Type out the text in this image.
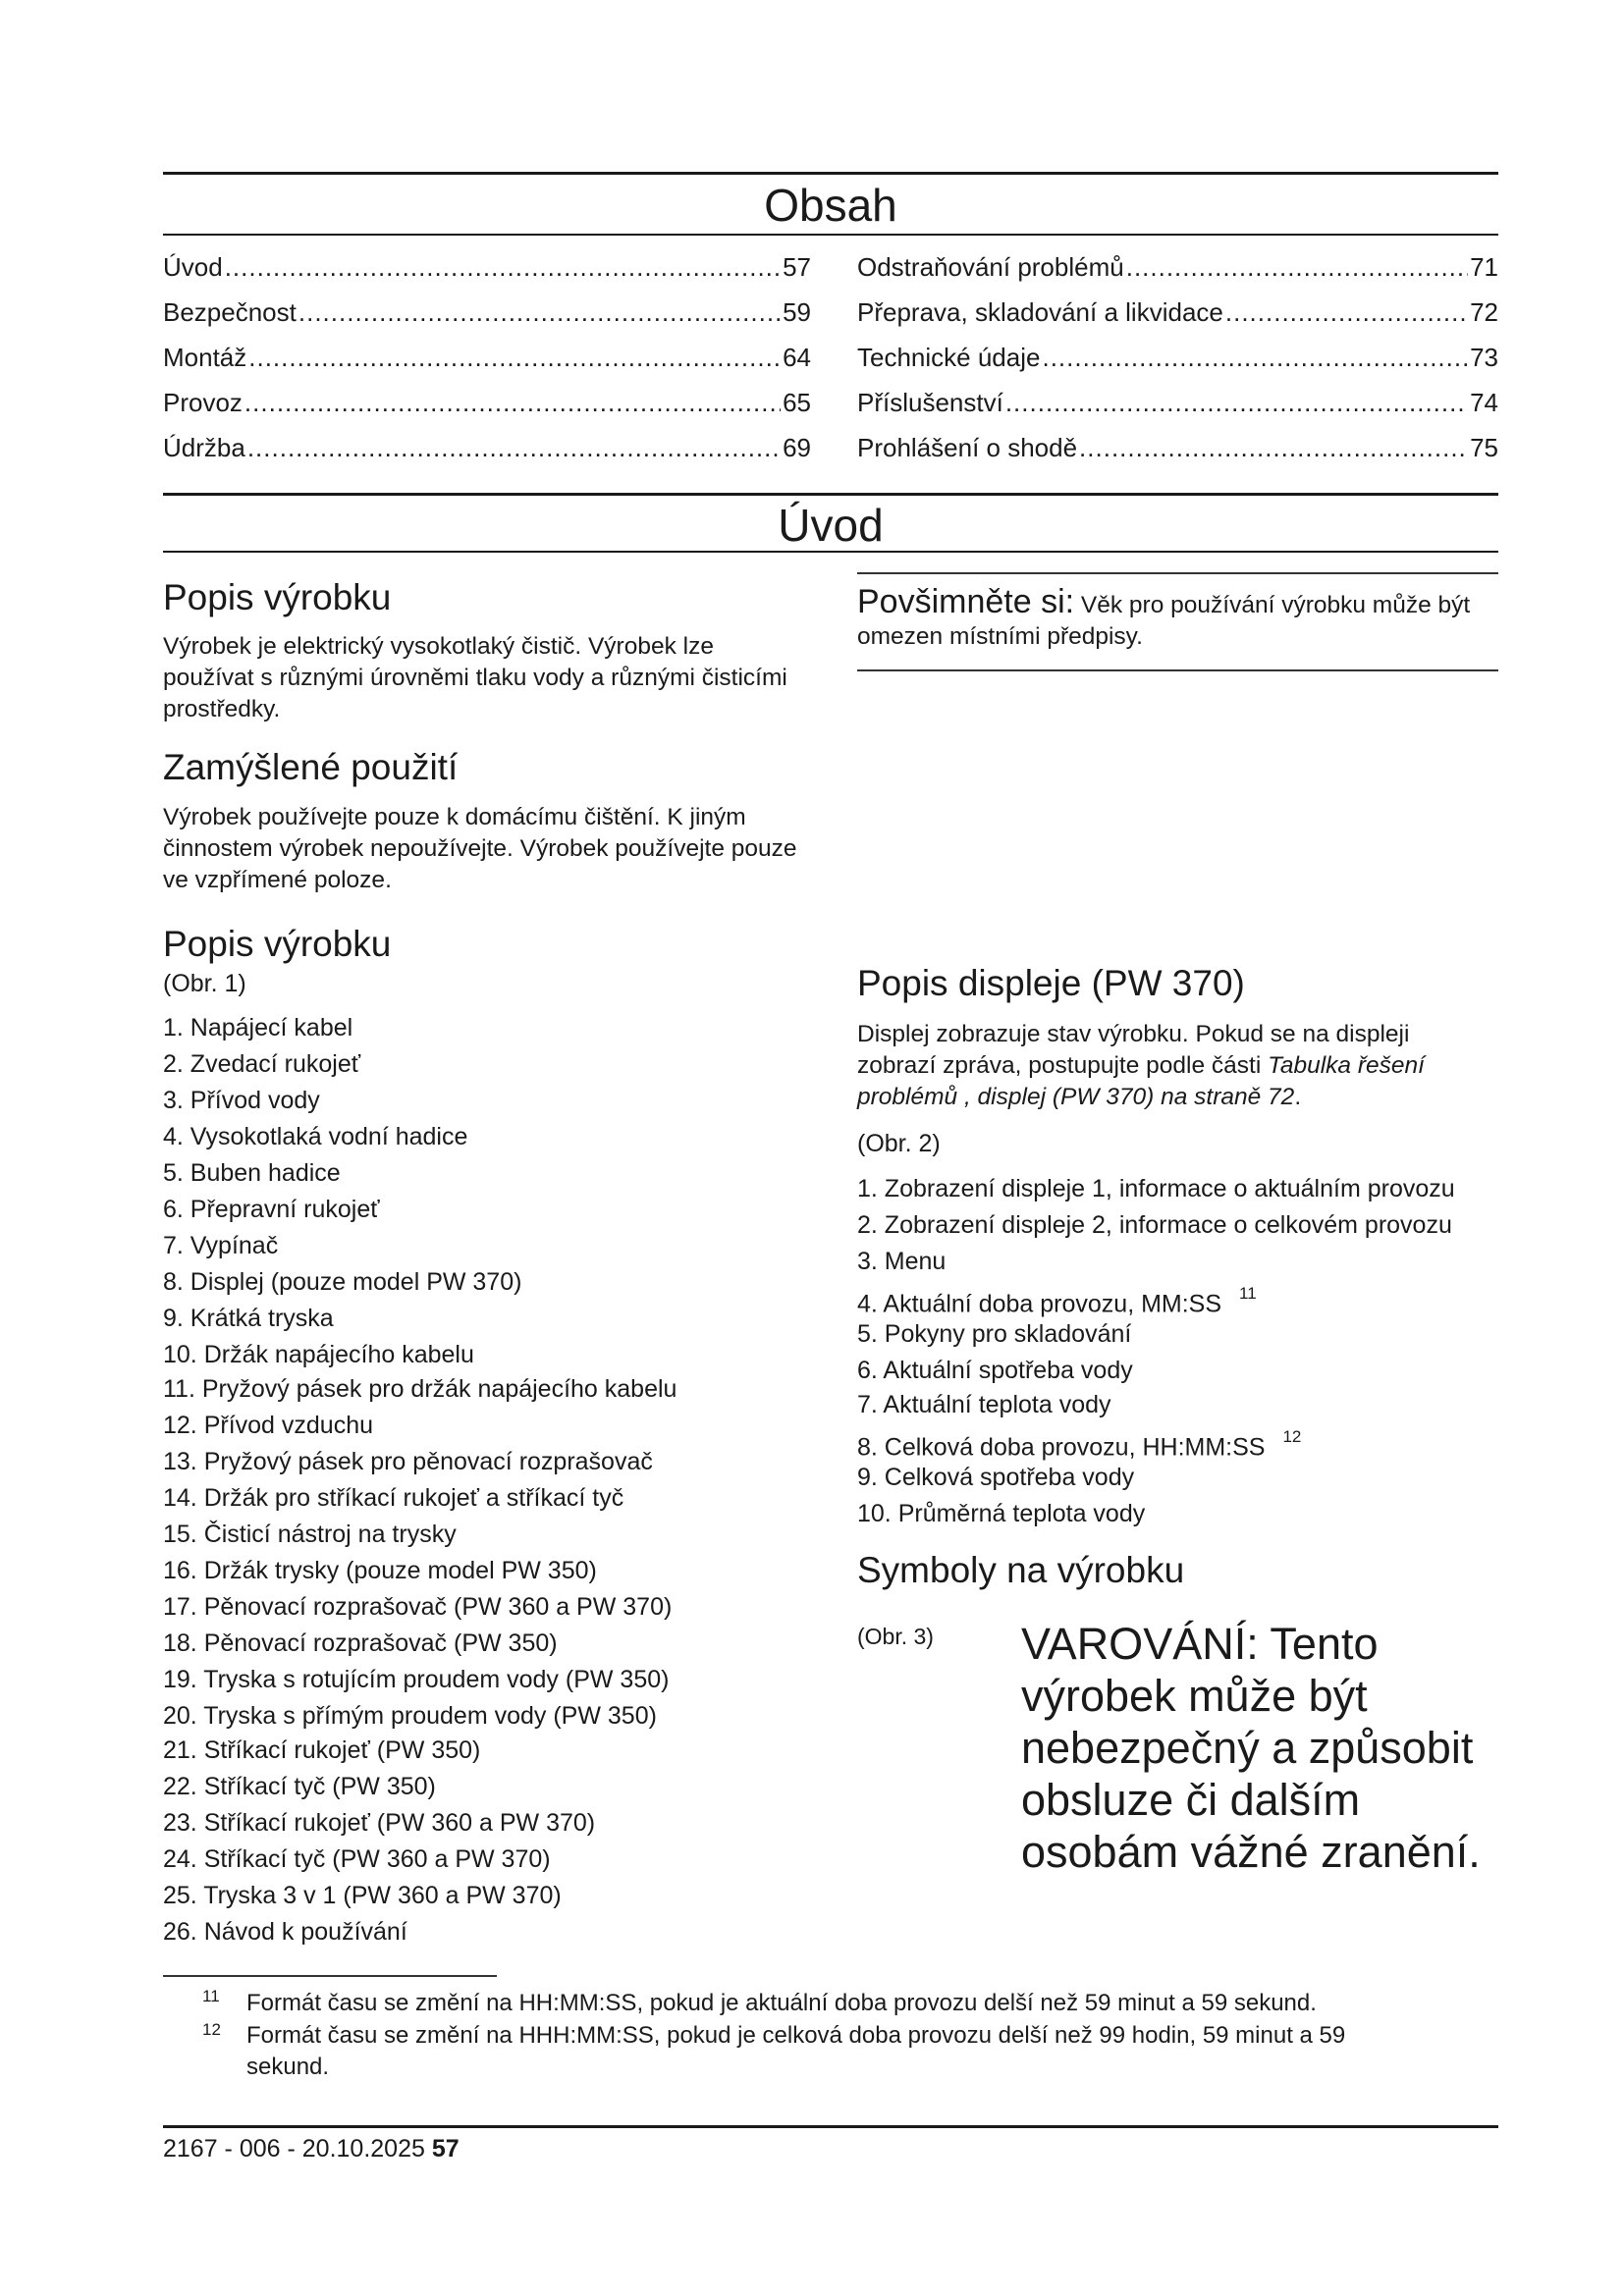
Obsah
Úvod .....	57
Bezpečnost .....	59
Montáž .....	64
Provoz .....	65
Údržba .....	69
Odstraňování problémů .....	71
Přeprava, skladování a likvidace .....	72
Technické údaje .....	73
Příslušenství .....	74
Prohlášení o shodě .....	75
Úvod
Popis výrobku

Výrobek je elektrický vysokotlaký čistič. Výrobek lze používat s různými úrovněmi tlaku vody a různými čisticími prostředky.

Zamýšlené použití

Výrobek používejte pouze k domácímu čištění. K jiným činnostem výrobek nepoužívejte. Výrobek používejte pouze ve vzpřímené poloze.

Popis výrobku
(Obr. 1)
1. Napájecí kabel
2. Zvedací rukojeť
3. Přívod vody
4. Vysokotlaká vodní hadice
5. Buben hadice
6. Přepravní rukojeť
7. Vypínač
8. Displej (pouze model PW 370)
9. Krátká tryska
10. Držák napájecího kabelu
11. Pryžový pásek pro držák napájecího kabelu
12. Přívod vzduchu
13. Pryžový pásek pro pěnovací rozprašovač
14. Držák pro stříkací rukojeť a stříkací tyč
15. Čisticí nástroj na trysky
16. Držák trysky (pouze model PW 350)
17. Pěnovací rozprašovač (PW 360 a PW 370)
18. Pěnovací rozprašovač (PW 350)
19. Tryska s rotujícím proudem vody (PW 350)
20. Tryska s přímým proudem vody (PW 350)
21. Stříkací rukojeť (PW 350)
22. Stříkací tyč (PW 350)
23. Stříkací rukojeť (PW 360 a PW 370)
24. Stříkací tyč (PW 360 a PW 370)
25. Tryska 3 v 1 (PW 360 a PW 370)
26. Návod k používání

Povšimněte si: Věk pro používání výrobku může být omezen místními předpisy.

Popis displeje (PW 370)

Displej zobrazuje stav výrobku. Pokud se na displeji zobrazí zpráva, postupujte podle části Tabulka řešení problémů , displej (PW 370) na straně 72.

(Obr. 2)
1. Zobrazení displeje 1, informace o aktuálním provozu
2. Zobrazení displeje 2, informace o celkovém provozu
3. Menu
4. Aktuální doba provozu, MM:SS $^{11}$
5. Pokyny pro skladování
6. Aktuální spotřeba vody
7. Aktuální teplota vody
8. Celková doba provozu, HH:MM:SS $^{12}$
9. Celková spotřeba vody
10. Průměrná teplota vody
Symboly na výrobku
(Obr. 3) VAROVÁNÍ: Tento výrobek může být nebezpečný a způsobit obsluze či dalším osobám vážné zranění.
11 Formát času se změní na HH:MM:SS, pokud je aktuální doba provozu delší než 59 minut a 59 sekund.
12 Formát času se změní na HHH:MM:SS, pokud je celková doba provozu delší než 99 hodin, 59 minut a 59 sekund.
2167 - 006 - 20.10.2025 57
